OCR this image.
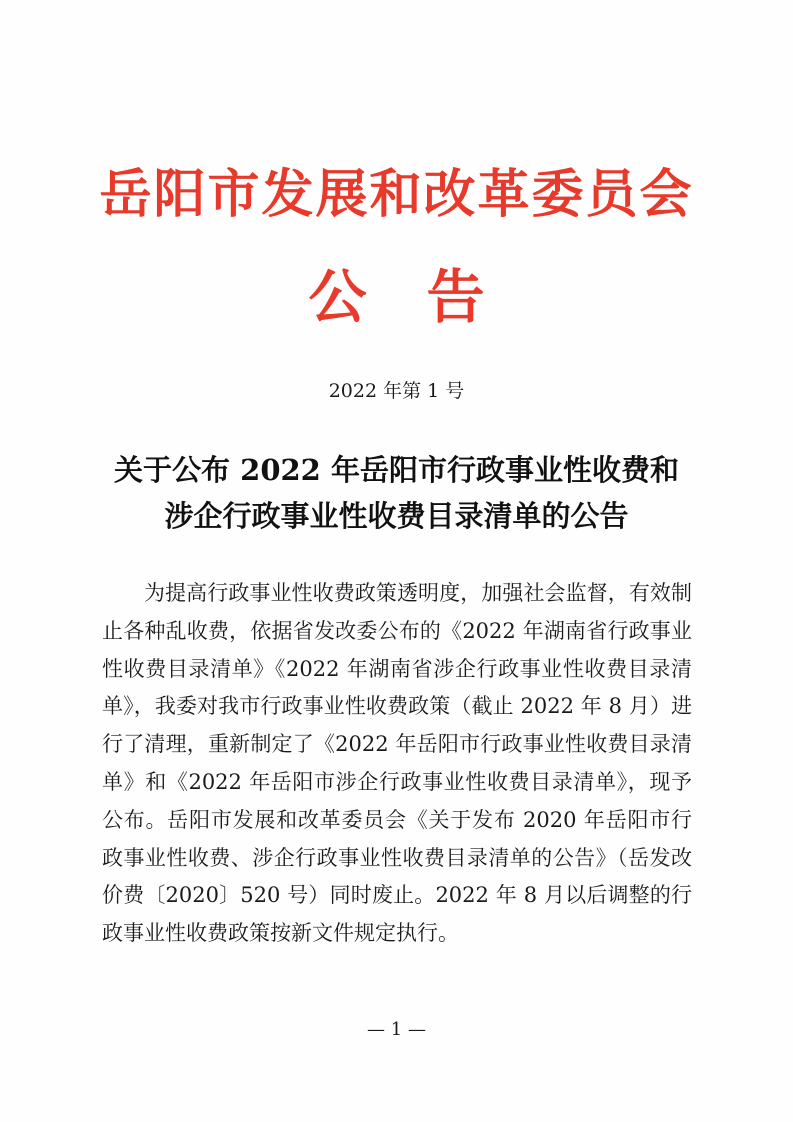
岳阳市发展和改革委员会
公告
2022 年第 1 号
关于公布 2022 年岳阳市行政事业性收费和
涉企行政事业性收费目录清单的公告
为提高行政事业性收费政策透明度，加强社会监督，有效制止各种乱收费，依据省发改委公布的《2022 年湖南省行政事业性收费目录清单》《2022 年湖南省涉企行政事业性收费目录清单》，我委对我市行政事业性收费政策（截止 2022 年 8 月）进行了清理，重新制定了《2022 年岳阳市行政事业性收费目录清单》和《2022 年岳阳市涉企行政事业性收费目录清单》，现予公布。岳阳市发展和改革委员会《关于发布 2020 年岳阳市行政事业性收费、涉企行政事业性收费目录清单的公告》（岳发改价费〔2020〕520 号）同时废止。2022 年 8 月以后调整的行政事业性收费政策按新文件规定执行。
— 1 —
